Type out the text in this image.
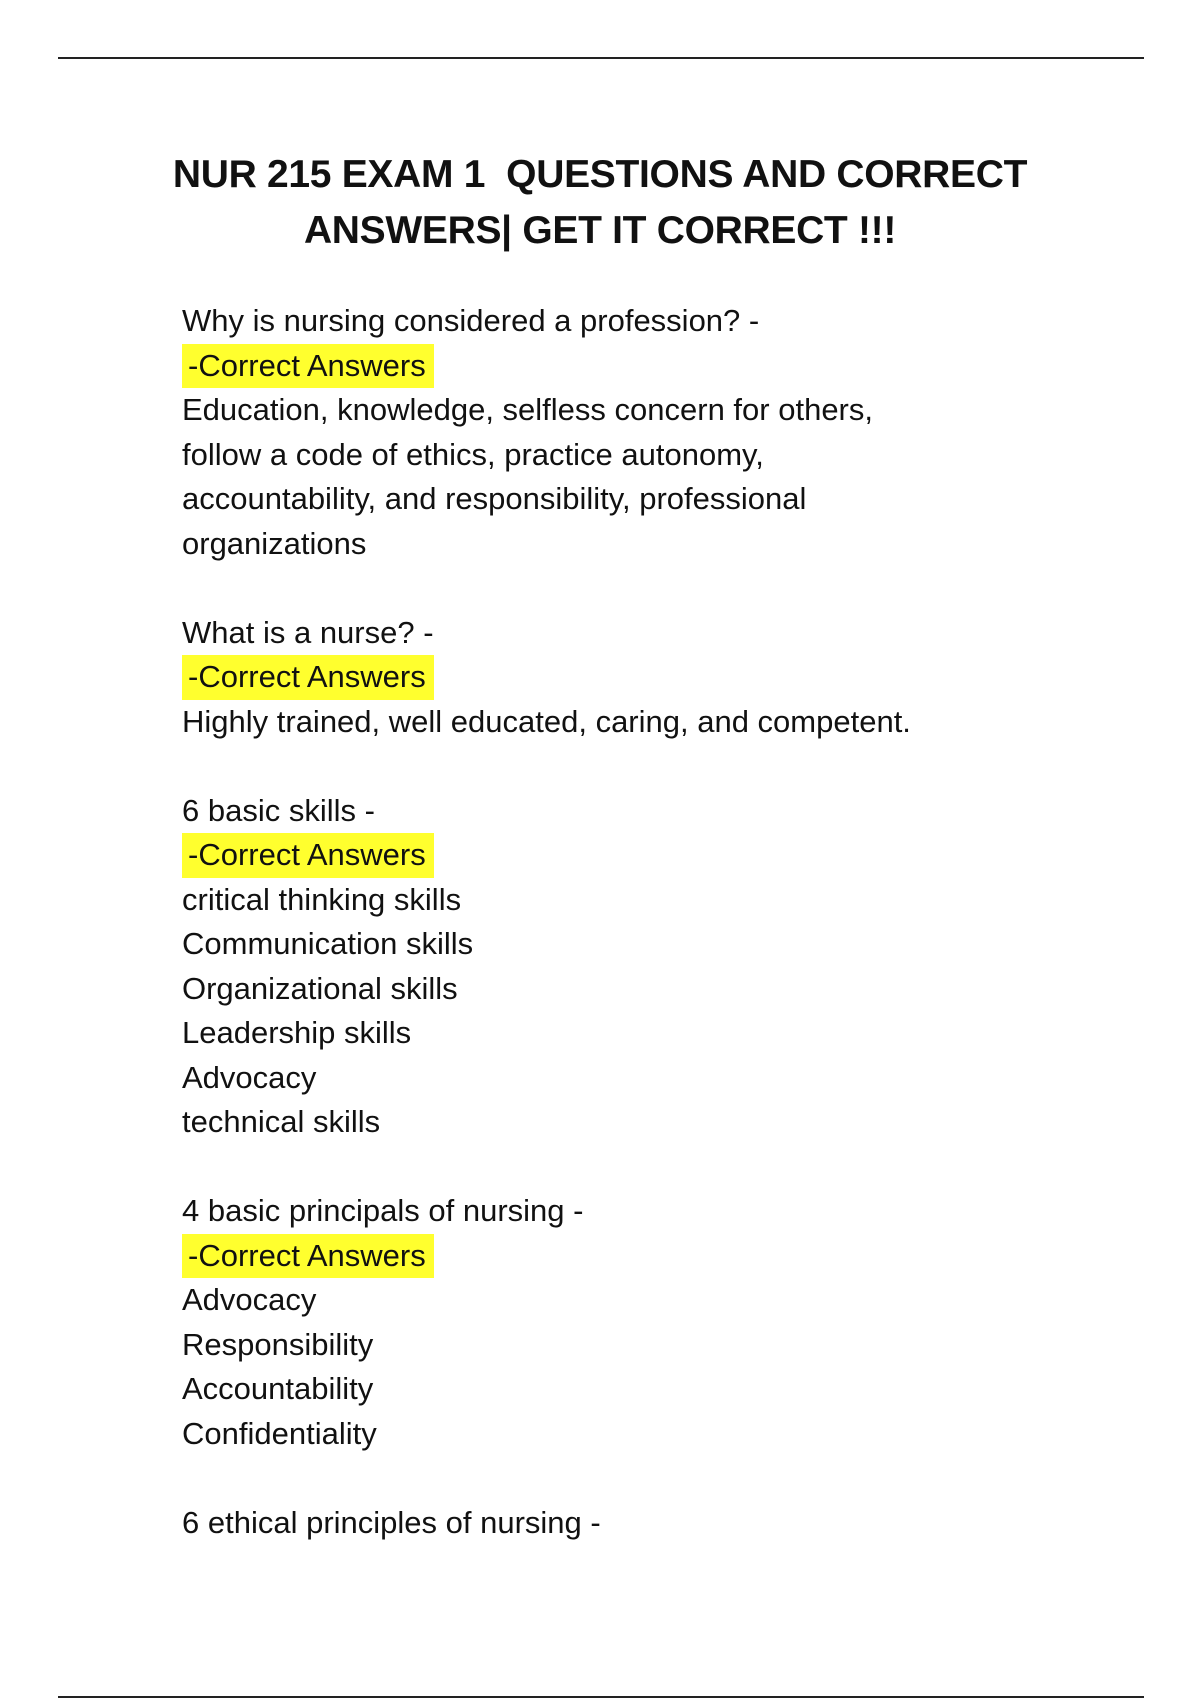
NUR 215 EXAM 1  QUESTIONS AND CORRECT
ANSWERS| GET IT CORRECT !!!
Why is nursing considered a profession? -
-Correct Answers
Education, knowledge, selfless concern for others,
follow a code of ethics, practice autonomy,
accountability, and responsibility, professional
organizations
What is a nurse? -
-Correct Answers
Highly trained, well educated, caring, and competent.
6 basic skills -
-Correct Answers
critical thinking skills
Communication skills
Organizational skills
Leadership skills
Advocacy
technical skills
4 basic principals of nursing -
-Correct Answers
Advocacy
Responsibility
Accountability
Confidentiality
6 ethical principles of nursing -
